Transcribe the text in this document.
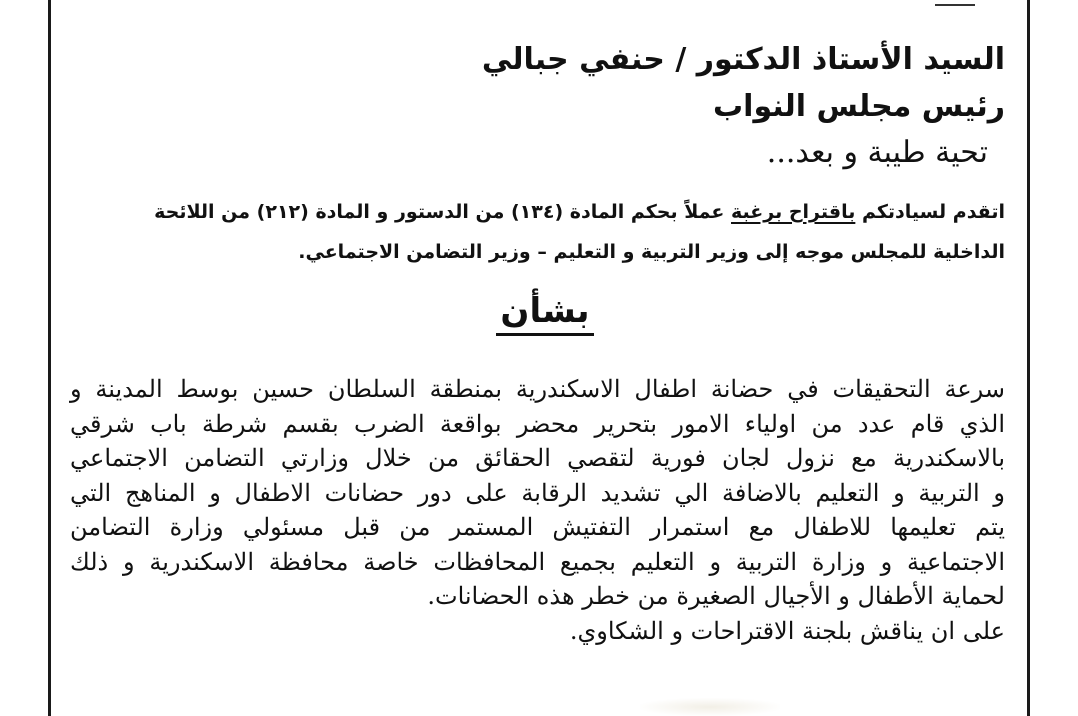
السيد الأستاذ الدكتور / حنفي جبالي
رئيس مجلس النواب
تحية طيبة و بعد...
اتقدم لسيادتكم باقتراح برغبة عملاً بحكم المادة (١٣٤) من الدستور و المادة (٢١٢) من اللائحة
الداخلية للمجلس موجه إلى وزير التربية و التعليم – وزير التضامن الاجتماعي.
بشأن
سرعة التحقيقات في حضانة اطفال الاسكندرية بمنطقة السلطان حسين بوسط المدينة و
الذي قام عدد من اولياء الامور بتحرير محضر بواقعة الضرب بقسم شرطة باب شرقي
بالاسكندرية مع نزول لجان فورية لتقصي الحقائق من خلال وزارتي التضامن الاجتماعي
و التربية و التعليم بالاضافة الي تشديد الرقابة على دور حضانات الاطفال و المناهج التي
يتم تعليمها للاطفال مع استمرار التفتيش المستمر من قبل مسئولي وزارة التضامن
الاجتماعية و وزارة التربية و التعليم بجميع المحافظات خاصة محافظة الاسكندرية و ذلك
لحماية الأطفال و الأجيال الصغيرة من خطر هذه الحضانات.
على ان يناقش بلجنة الاقتراحات و الشكاوي.
